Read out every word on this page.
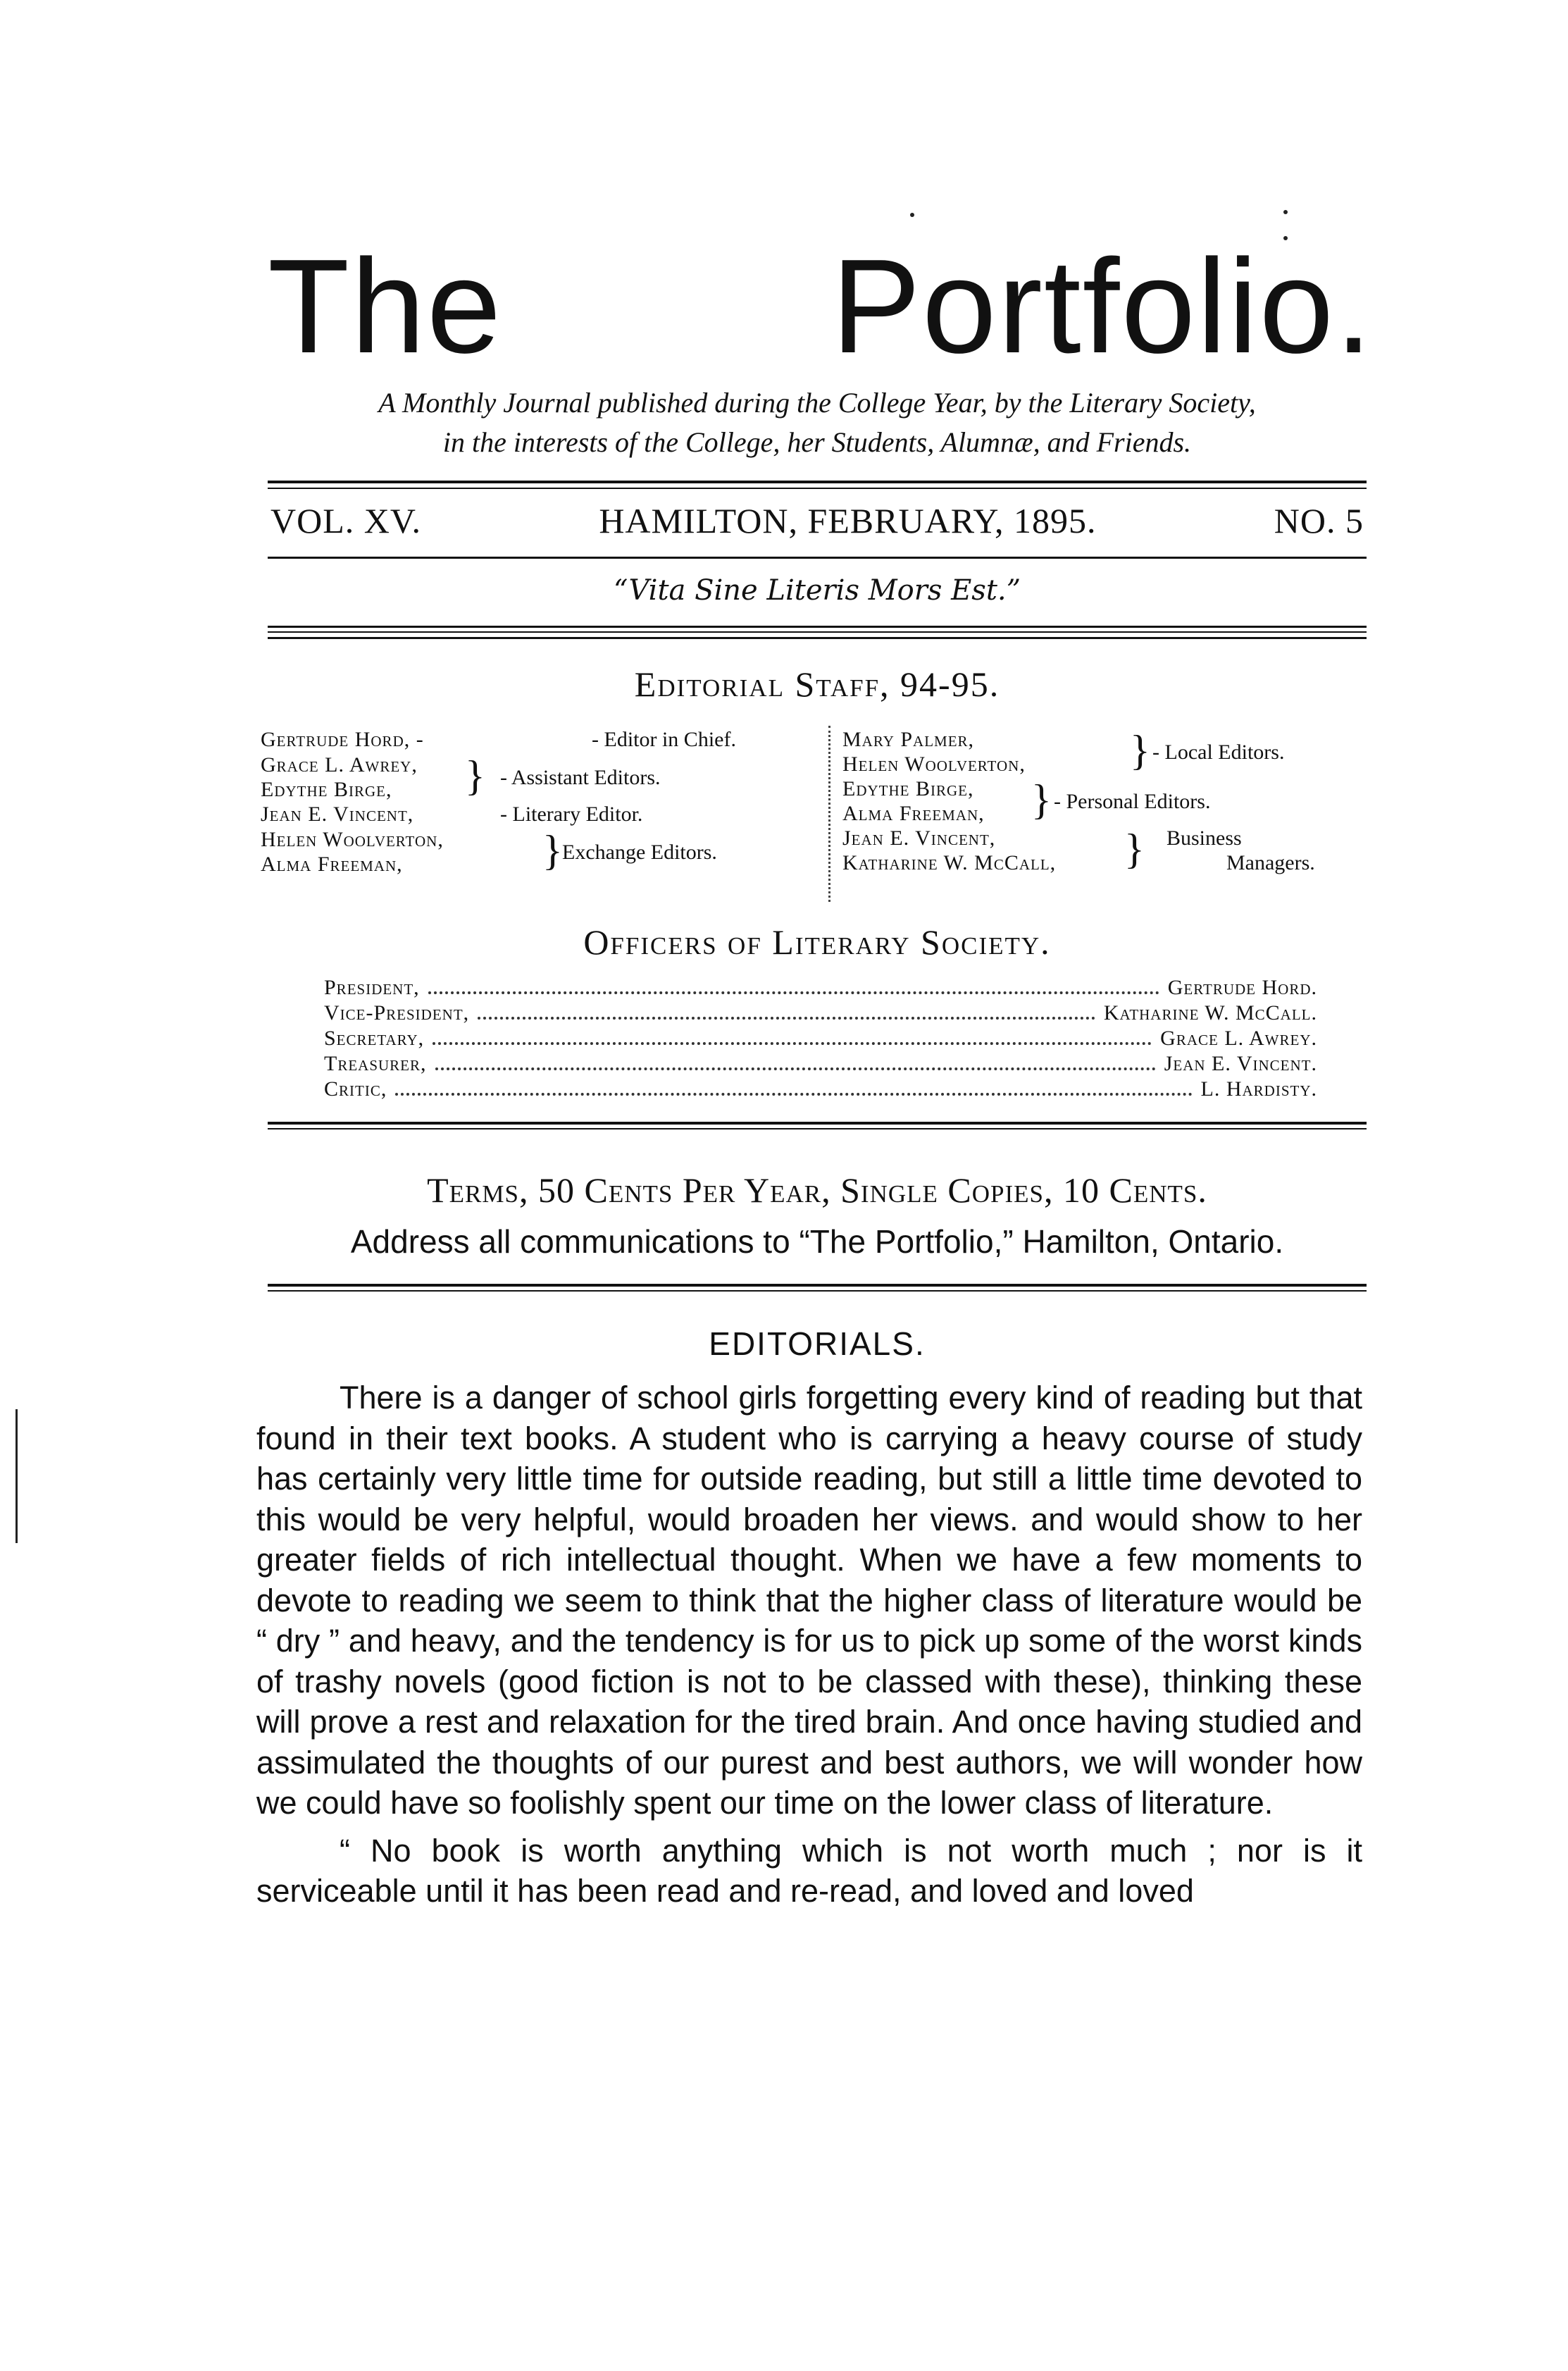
The Portfolio.
A Monthly Journal published during the College Year, by the Literary Society,
in the interests of the College, her Students, Alumnæ, and Friends.
VOL. XV.	HAMILTON, FEBRUARY, 1895.	NO. 5
“Vita Sine Literis Mors Est.”
Editorial Staff, 94-95.
Gertrude Hord, -	- Editor in Chief.
Grace L. Awrey,
Edythe Birge,	} - Assistant Editors.
Jean E. Vincent,	- Literary Editor.
Helen Woolverton,
Alma Freeman,	} Exchange Editors.
Mary Palmer,
Helen Woolverton,	} - Local Editors.
Edythe Birge,
Alma Freeman,	} - Personal Editors.
Jean E. Vincent,
Katharine W. McCall,	} Business
Managers.
Officers of Literary Society.
President,	Gertrude Hord.
Vice-President,	Katharine W. McCall.
Secretary,	Grace L. Awrey.
Treasurer,	Jean E. Vincent.
Critic,	L. Hardisty.
Terms, 50 Cents Per Year, Single Copies, 10 Cents.
Address all communications to “The Portfolio,” Hamilton, Ontario.
EDITORIALS.

There is a danger of school girls forgetting every kind of reading but that found in their text books. A student who is carrying a heavy course of study has certainly very little time for outside reading, but still a little time devoted to this would be very helpful, would broaden her views. and would show to her greater fields of rich intellectual thought. When we have a few moments to devote to reading we seem to think that the higher class of literature would be “ dry ” and heavy, and the tendency is for us to pick up some of the worst kinds of trashy novels (good fiction is not to be classed with these), thinking these will prove a rest and relaxation for the tired brain. And once having studied and assimulated the thoughts of our purest and best authors, we will wonder how we could have so foolishly spent our time on the lower class of literature.

“ No book is worth anything which is not worth much ; nor is it serviceable until it has been read and re-read, and loved and loved
